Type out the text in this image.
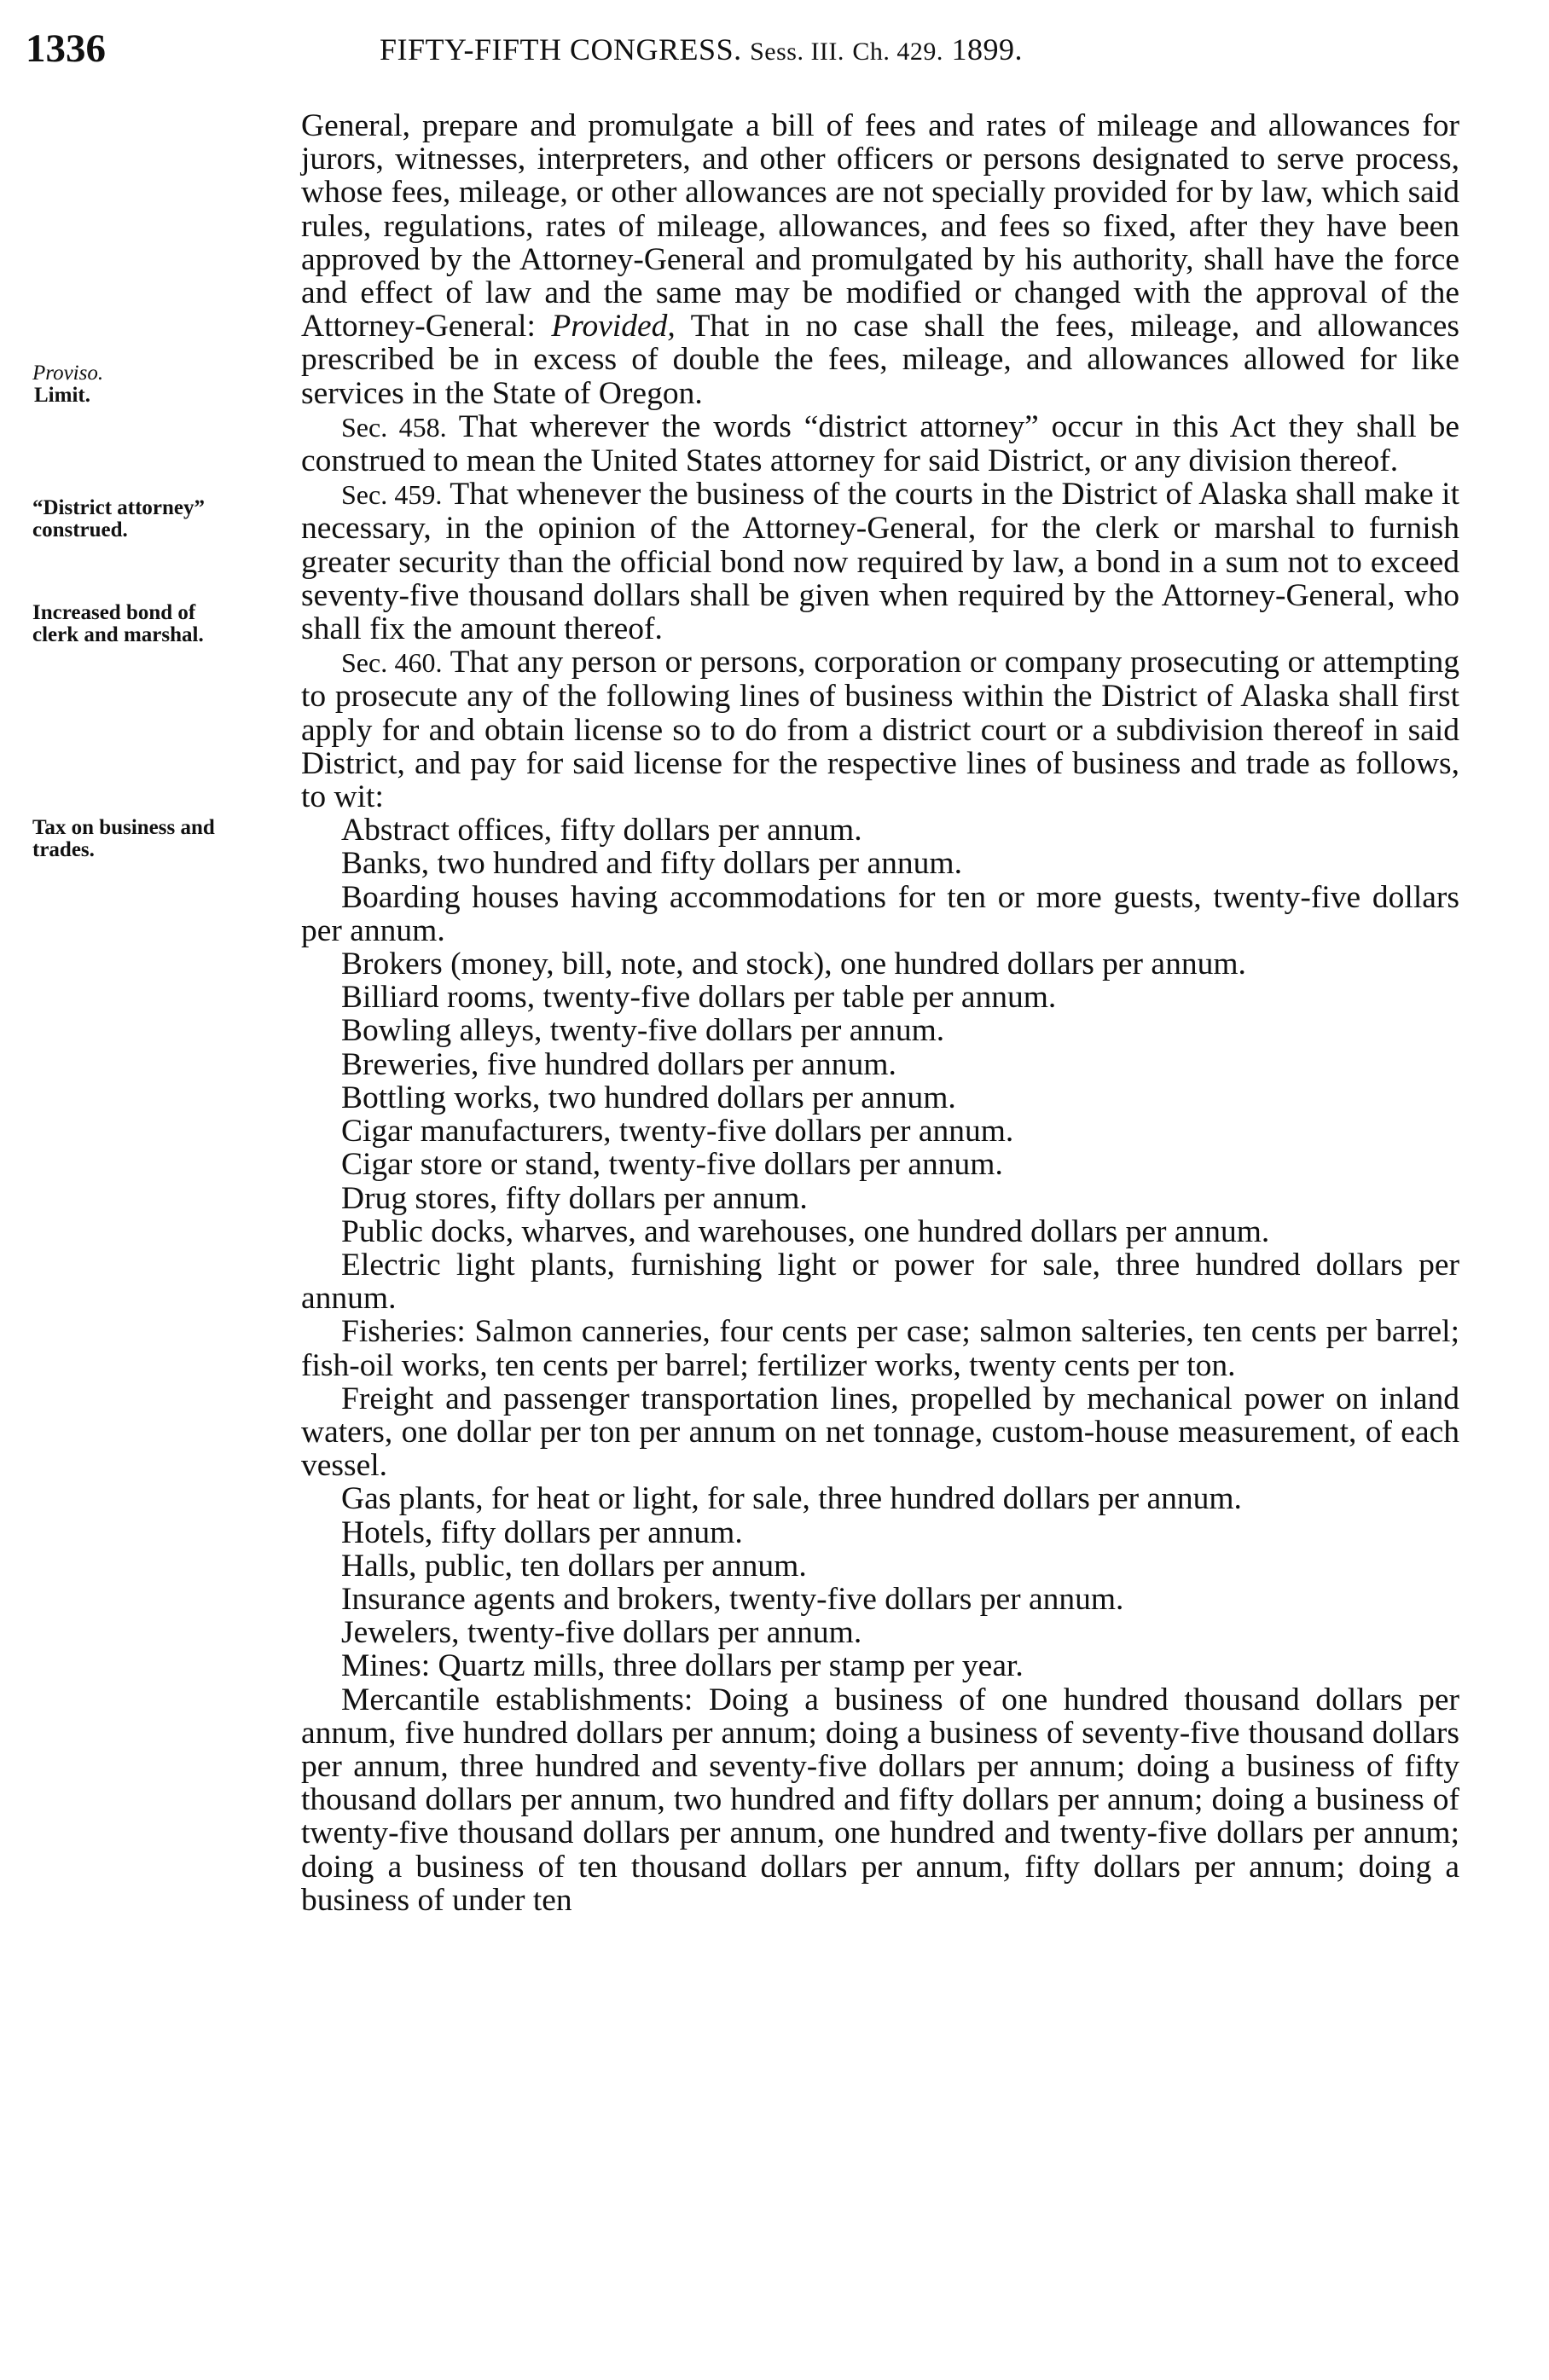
1336	FIFTY-FIFTH CONGRESS. Sess. III. Ch. 429. 1899.
Proviso.
Limit.
“District attorney”
construed.
Increased bond of
clerk and marshal.
Tax on business and
trades.

General, prepare and promulgate a bill of fees and rates of mileage and allowances for jurors, witnesses, interpreters, and other officers or persons designated to serve process, whose fees, mileage, or other allowances are not specially provided for by law, which said rules, regulations, rates of mileage, allowances, and fees so fixed, after they have been approved by the Attorney-General and promulgated by his authority, shall have the force and effect of law and the same may be modified or changed with the approval of the Attorney-General: Provided, That in no case shall the fees, mileage, and allowances prescribed be in excess of double the fees, mileage, and allowances allowed for like services in the State of Oregon.

Sec. 458. That wherever the words “district attorney” occur in this Act they shall be construed to mean the United States attorney for said District, or any division thereof.

Sec. 459. That whenever the business of the courts in the District of Alaska shall make it necessary, in the opinion of the Attorney-General, for the clerk or marshal to furnish greater security than the official bond now required by law, a bond in a sum not to exceed seventy-five thousand dollars shall be given when required by the Attorney-General, who shall fix the amount thereof.

Sec. 460. That any person or persons, corporation or company prosecuting or attempting to prosecute any of the following lines of business within the District of Alaska shall first apply for and obtain license so to do from a district court or a subdivision thereof in said District, and pay for said license for the respective lines of business and trade as follows, to wit:

Abstract offices, fifty dollars per annum.

Banks, two hundred and fifty dollars per annum.

Boarding houses having accommodations for ten or more guests, twenty-five dollars per annum.

Brokers (money, bill, note, and stock), one hundred dollars per annum.

Billiard rooms, twenty-five dollars per table per annum.

Bowling alleys, twenty-five dollars per annum.

Breweries, five hundred dollars per annum.

Bottling works, two hundred dollars per annum.

Cigar manufacturers, twenty-five dollars per annum.

Cigar store or stand, twenty-five dollars per annum.

Drug stores, fifty dollars per annum.

Public docks, wharves, and warehouses, one hundred dollars per annum.

Electric light plants, furnishing light or power for sale, three hundred dollars per annum.

Fisheries: Salmon canneries, four cents per case; salmon salteries, ten cents per barrel; fish-oil works, ten cents per barrel; fertilizer works, twenty cents per ton.

Freight and passenger transportation lines, propelled by mechanical power on inland waters, one dollar per ton per annum on net tonnage, custom-house measurement, of each vessel.

Gas plants, for heat or light, for sale, three hundred dollars per annum.

Hotels, fifty dollars per annum.

Halls, public, ten dollars per annum.

Insurance agents and brokers, twenty-five dollars per annum.

Jewelers, twenty-five dollars per annum.

Mines: Quartz mills, three dollars per stamp per year.

Mercantile establishments: Doing a business of one hundred thousand dollars per annum, five hundred dollars per annum; doing a business of seventy-five thousand dollars per annum, three hundred and seventy-five dollars per annum; doing a business of fifty thousand dollars per annum, two hundred and fifty dollars per annum; doing a business of twenty-five thousand dollars per annum, one hundred and twenty-five dollars per annum; doing a business of ten thousand dollars per annum, fifty dollars per annum; doing a business of under ten
